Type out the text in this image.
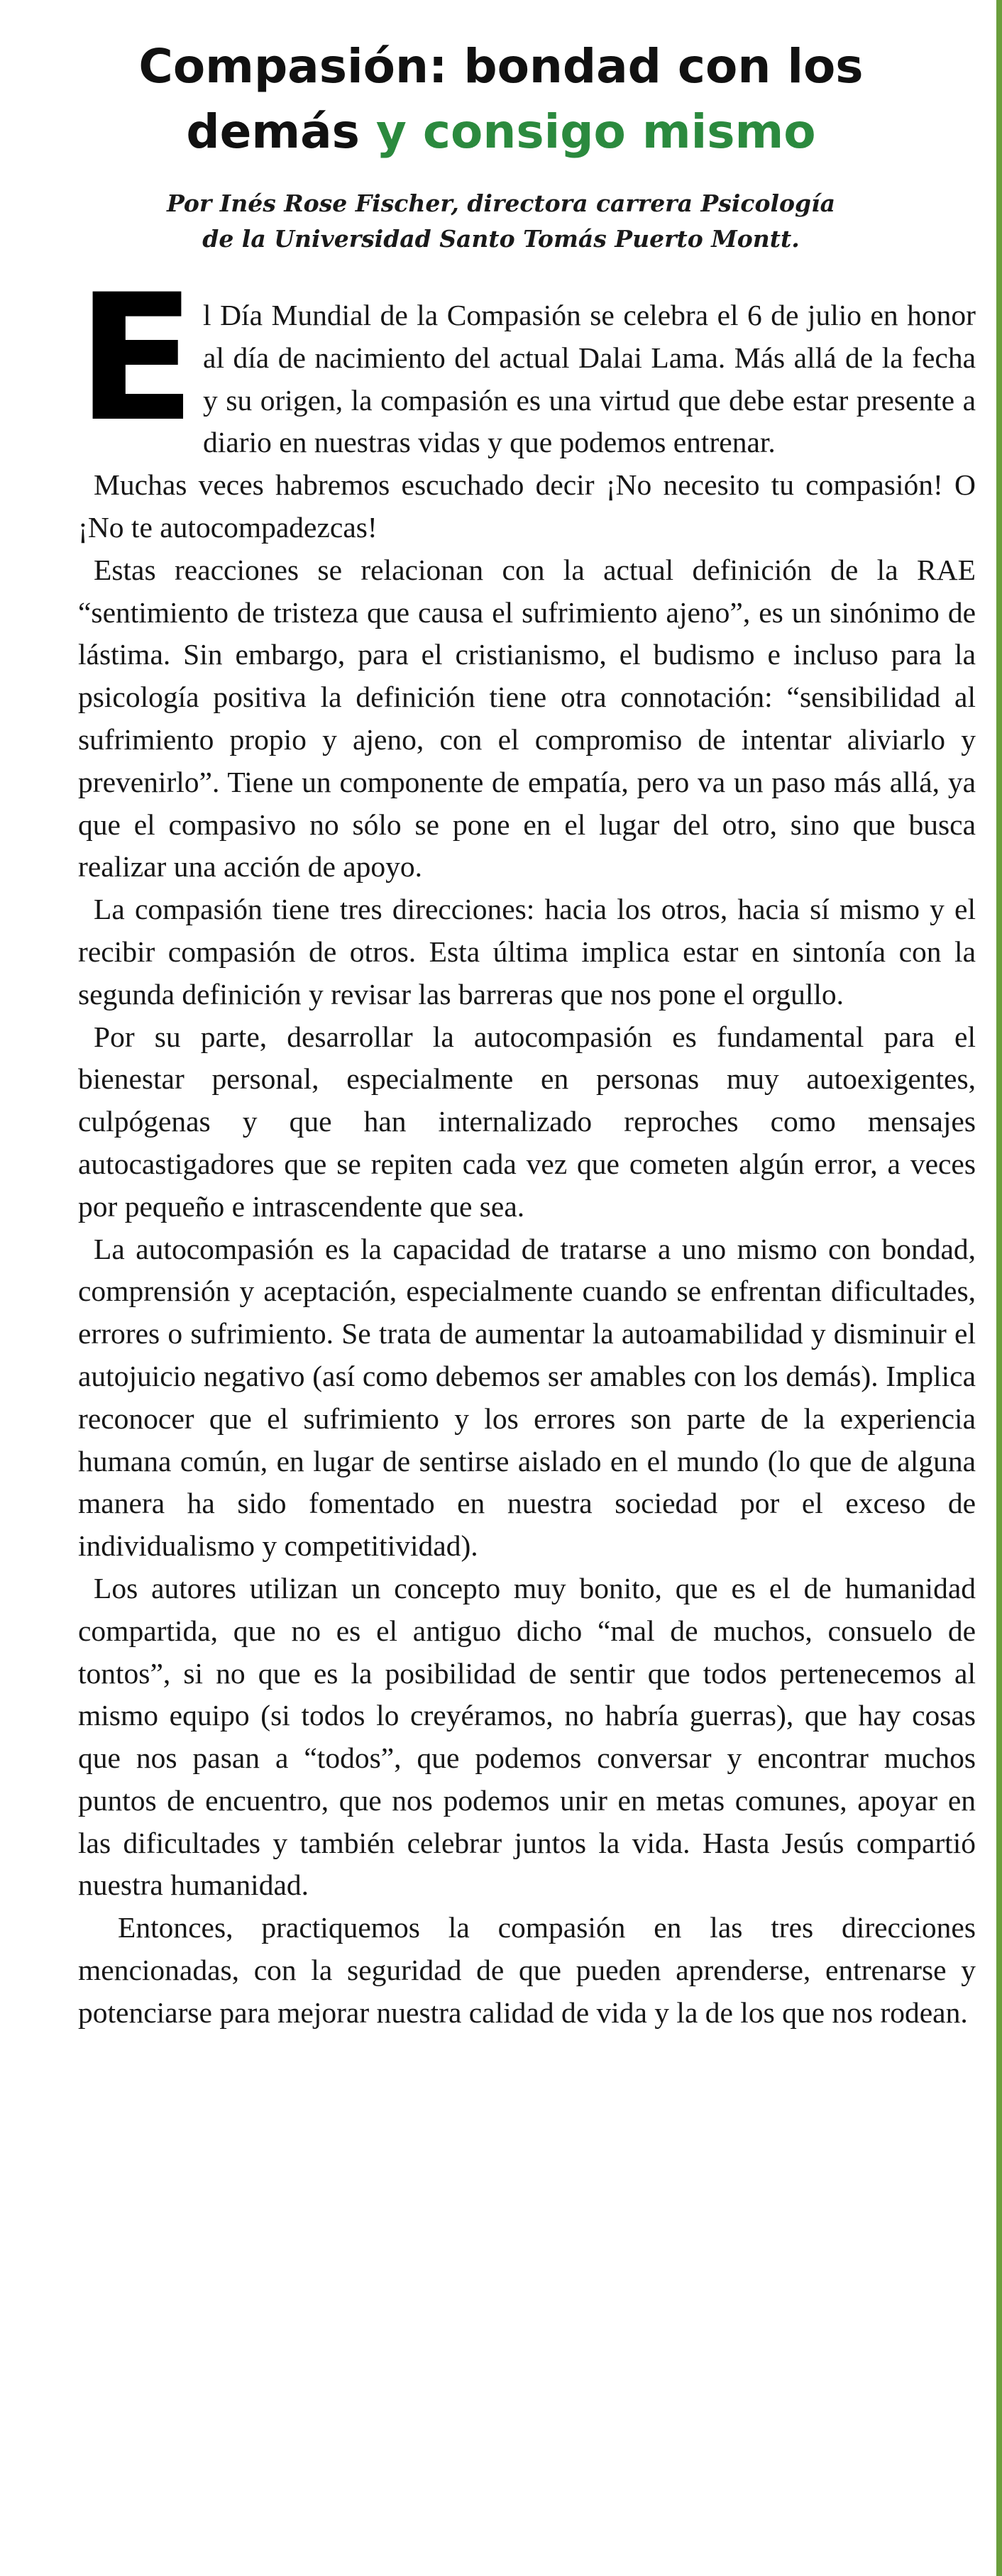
Compasión: bondad con los
demás y consigo mismo

Por Inés Rose Fischer, directora carrera Psicología
de la Universidad Santo Tomás Puerto Montt.

El Día Mundial de la Compasión se celebra el 6 de julio en honor al día de nacimiento del actual Dalai Lama. Más allá de la fecha y su origen, la compasión es una virtud que debe estar presente a diario en nuestras vidas y que podemos entrenar.

Muchas veces habremos escuchado decir ¡No necesito tu compasión! O ¡No te autocompadezcas!

Estas reacciones se relacionan con la actual definición de la RAE “sentimiento de tristeza que causa el sufrimiento ajeno”, es un sinónimo de lástima. Sin embargo, para el cristianismo, el budismo e incluso para la psicología positiva la definición tiene otra connotación: “sensibilidad al sufrimiento propio y ajeno, con el compromiso de intentar aliviarlo y prevenirlo”. Tiene un componente de empatía, pero va un paso más allá, ya que el compasivo no sólo se pone en el lugar del otro, sino que busca realizar una acción de apoyo.

La compasión tiene tres direcciones: hacia los otros, hacia sí mismo y el recibir compasión de otros. Esta última implica estar en sintonía con la segunda definición y revisar las barreras que nos pone el orgullo.

Por su parte, desarrollar la autocompasión es fundamental para el bienestar personal, especialmente en personas muy autoexigentes, culpógenas y que han internalizado reproches como mensajes autocastigadores que se repiten cada vez que cometen algún error, a veces por pequeño e intrascendente que sea.

La autocompasión es la capacidad de tratarse a uno mismo con bondad, comprensión y aceptación, especialmente cuando se enfrentan dificultades, errores o sufrimiento. Se trata de aumentar la autoamabilidad y disminuir el autojuicio negativo (así como debemos ser amables con los demás). Implica reconocer que el sufrimiento y los errores son parte de la experiencia humana común, en lugar de sentirse aislado en el mundo (lo que de alguna manera ha sido fomentado en nuestra sociedad por el exceso de individualismo y competitividad).

Los autores utilizan un concepto muy bonito, que es el de humanidad compartida, que no es el antiguo dicho “mal de muchos, consuelo de tontos”, si no que es la posibilidad de sentir que todos pertenecemos al mismo equipo (si todos lo creyéramos, no habría guerras), que hay cosas que nos pasan a “todos”, que podemos conversar y encontrar muchos puntos de encuentro, que nos podemos unir en metas comunes, apoyar en las dificultades y también celebrar juntos la vida. Hasta Jesús compartió nuestra humanidad.

Entonces, practiquemos la compasión en las tres direcciones mencionadas, con la seguridad de que pueden aprenderse, entrenarse y potenciarse para mejorar nuestra calidad de vida y la de los que nos rodean.
